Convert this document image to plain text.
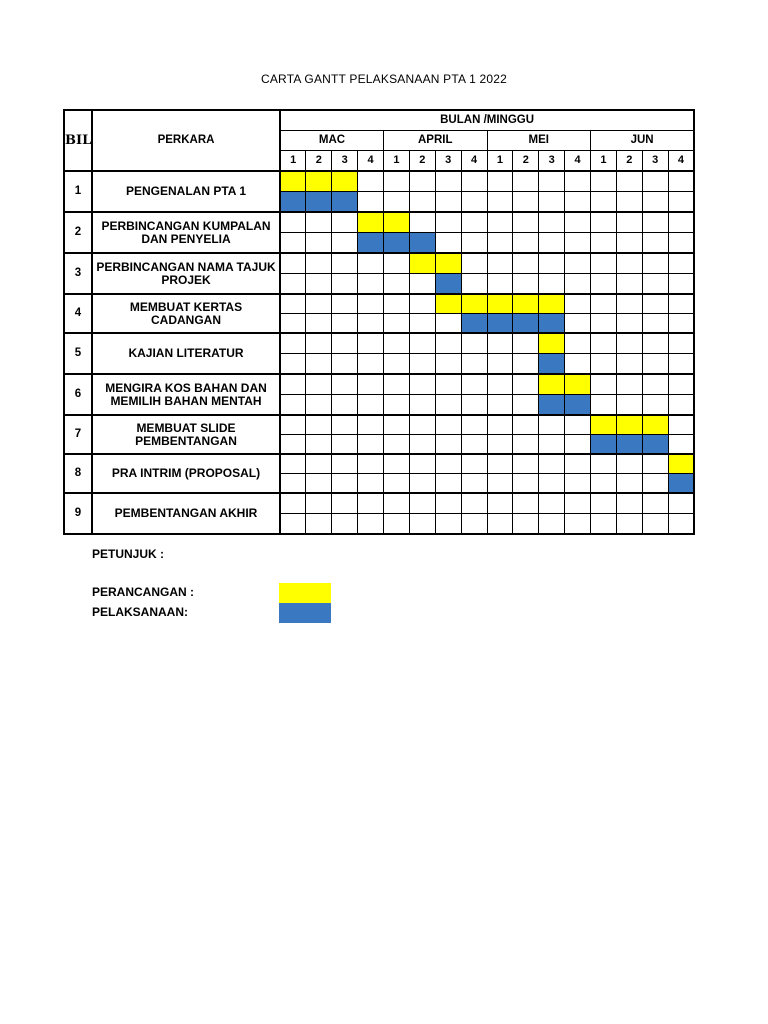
CARTA GANTT PELAKSANAAN PTA 1 2022
BIL	PERKARA	BULAN /MINGGU															
		MAC				APRIL				MEI				JUN			
		1	2	3	4	1	2	3	4	1	2	3	4	1	2	3	4
1	PENGENALAN PTA 1																

2	PERBINCANGAN KUMPALAN DAN PENYELIA																

3	PERBINCANGAN NAMA TAJUK PROJEK																

4	MEMBUAT KERTAS CADANGAN																

5	KAJIAN LITERATUR																

6	MENGIRA KOS BAHAN DAN MEMILIH BAHAN MENTAH																

7	MEMBUAT SLIDE PEMBENTANGAN																

8	PRA INTRIM (PROPOSAL)																

9	PEMBENTANGAN AKHIR																

PETUNJUK :
PERANCANGAN :
PELAKSANAAN:
